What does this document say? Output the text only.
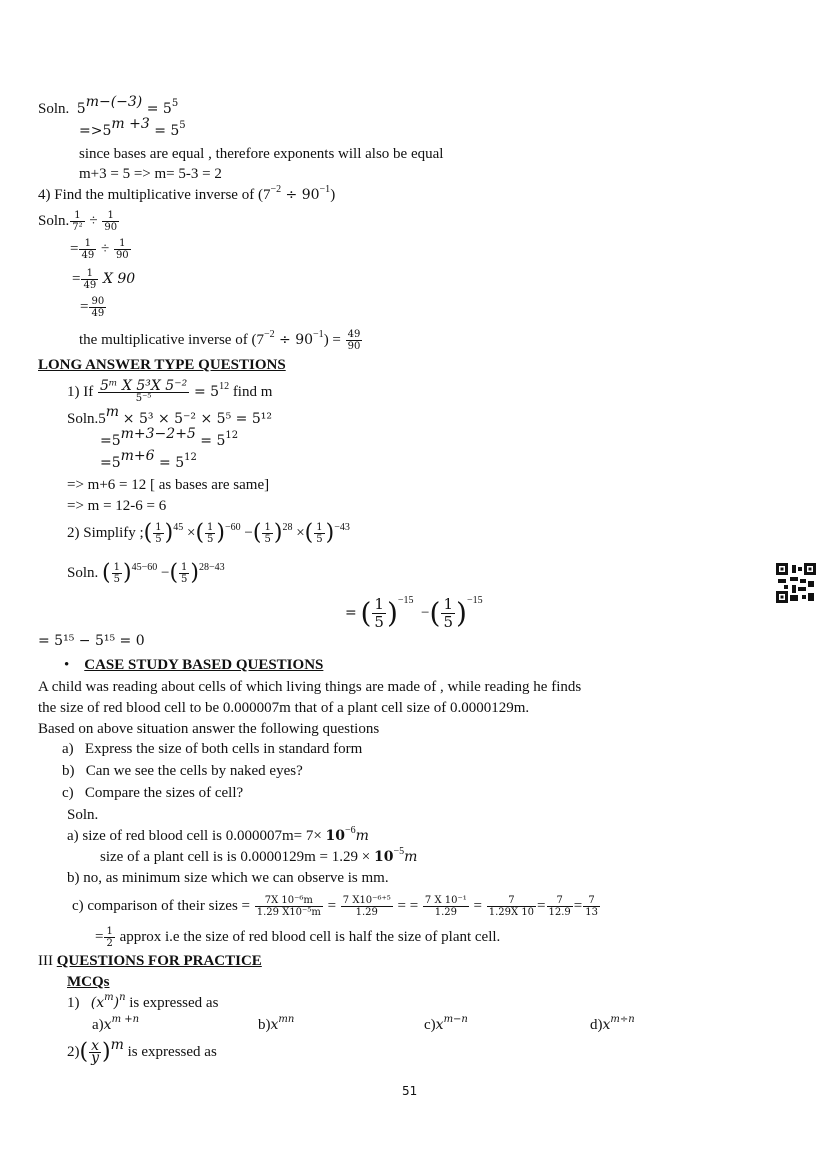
Soln. $5^{m-(-3)} = 5^5$
$=>5^{m +3} = 5^5$
since bases are equal , therefore exponents will also be equal
m+3 = 5 => m= 5-3 = 2
4) Find the multiplicative inverse of $(7^{-2} \div 90^{-1})$
Soln. $\frac{1}{\text{7²}} \div \frac{1}{90}$
= $\frac{1}{49} \div \frac{1}{90}$
= $\frac{1}{49}$ X 90
= $\frac{90}{49}$
the multiplicative inverse of $(7^{-2} \div 90^{-1}) = \frac{49}{90}$
LONG ANSWER TYPE QUESTIONS
1) If $\frac{\text{5ᵐ X 5³X 5⁻²}}{\text{5⁻⁵}} = 5^{12}$ find m
$Soln.5^m \times 5^3 \times 5^{-2} \times 5^5 = 5^{12}$
$=5^{m+3-2+5} = 5^{12}$
$=5^{m+6} = 5^{12}$
=> m+6 = 12 [ as bases are same]
=> m = 12-6 = 6
2) Simplify ;( $\frac{1}{5} )^{45}$ ×( $\frac{1}{5} )^{-60}$ −( $\frac{1}{5} )^{28}$ ×( $\frac{1}{5} )^{-43}$
Soln. ( $\frac{1}{5} )^{45-60}$ −( $\frac{1}{5} )^{28-43}$
= ( $\frac{1}{5} )^{-15}$  −( $\frac{1}{5} )^{-15}$
= 5¹⁵ − 5¹⁵ = 0
• CASE STUDY BASED QUESTIONS
A child was reading about cells of which living things are made of , while reading he finds
the size of red blood cell to be 0.000007m that of a plant cell size of 0.0000129m.
Based on above situation answer the following questions
a) Express the size of both cells in standard form
b) Can we see the cells by naked eyes?
c) Compare the sizes of cell?
Soln.
a) size of red blood cell is $0.000007m= 7\times 10^{-6}m$
size of a plant cell is is $0.0000129m = 1.29 \times 10^{-5}m$
b) no, as minimum size which we can observe is mm.
c) comparison of their sizes = $\frac{\text{7X 10⁻⁶m}}{\text{1.29 X10⁻⁵m}} = \frac{\text{7 X10⁻⁶⁺⁵}}{1.29}$ = = $\frac{\text{7 X 10⁻¹}}{1.29} = \frac{7}{1.29X 10} = \frac{7}{12.9} = \frac{7}{13}$
= $\frac{1}{2}$ approx i.e the size of red blood cell is half the size of plant cell.
III QUESTIONS FOR PRACTICE
MCQs
1) $(x^m)^n$ is expressed as
$a)x^{m +n}$	$b)x^{mn}$	$c)x^{m-n}$	$d)x^{m\div n}$
$2)( \frac{x}{y} )^m$ is expressed as
51
